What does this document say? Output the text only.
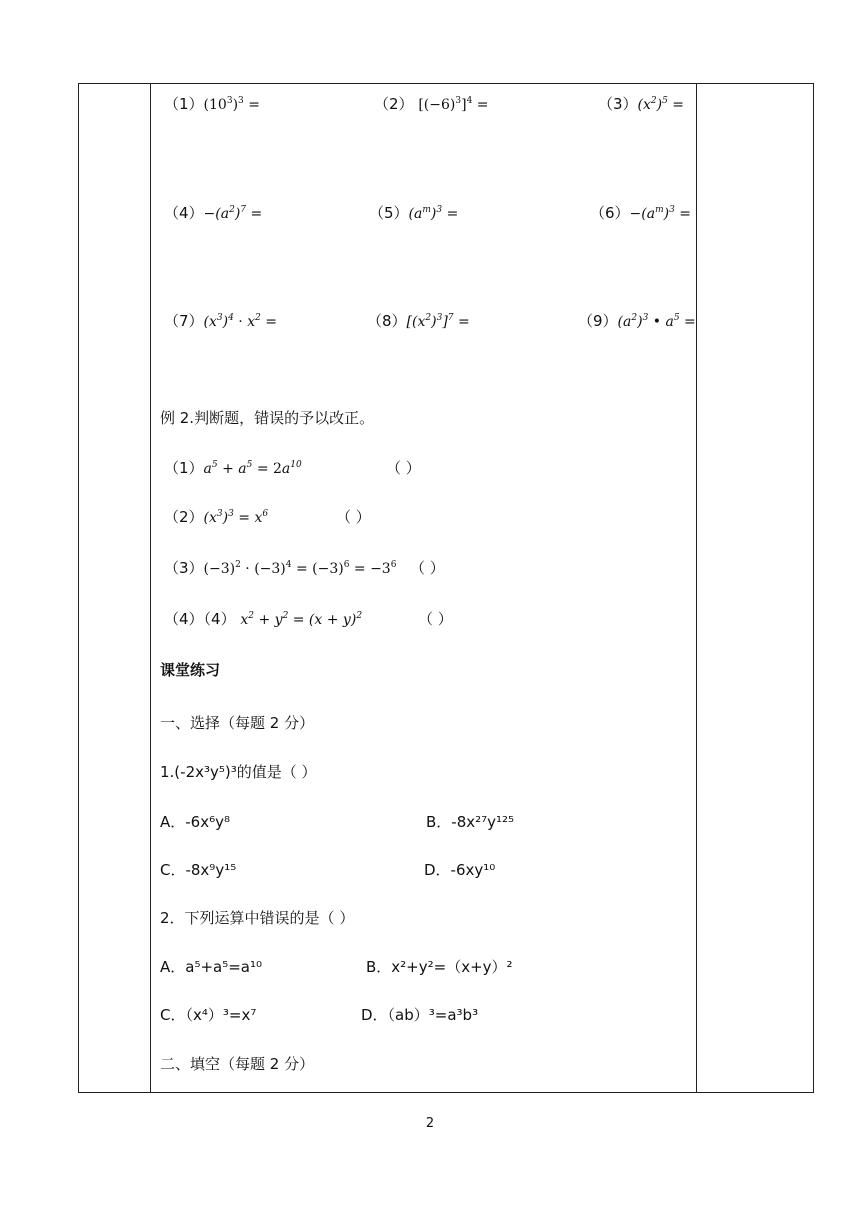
$(1)(10^3)^3$ =	（2） $[(-6)^3]^4$ =	$(3)(x^2)^5$ =
$(4)-(a^2)^7$ =	$(5)(a^m)^3$ =	$(6)-(a^m)^3$ =
$(7)(x^3)^4 \cdot x^2$ =	$(8)[(x^2)^3]^7$ =	$(9)(a^2)^3$ • $a^5$ =
例 2.判断题，错误的予以改正。
$(1)a^5 + a^5 = 2a^{10}$	（ ）
$(2)(x^3)^3 = x^6$	（ ）
$(3)(-3)^2 \cdot (-3)^4 = (-3)^6 = -3^6$ （ ）
（4）（4） $x^2 + y^2 = (x + y)^2$	（ ）
课堂练习
一、选择（每题 2 分）
1.(-2x³y⁵)³的值是（ ）
A．-6x⁶y⁸	B．-8x²⁷y¹²⁵
C．-8x⁹y¹⁵	D．-6xy¹⁰
2．下列运算中错误的是（ ）
A．a⁵+a⁵=a¹⁰	B．x²+y²=（x+y）²
C．（x⁴）³=x⁷	D．（ab）³=a³b³
二、填空（每题 2 分）
2
